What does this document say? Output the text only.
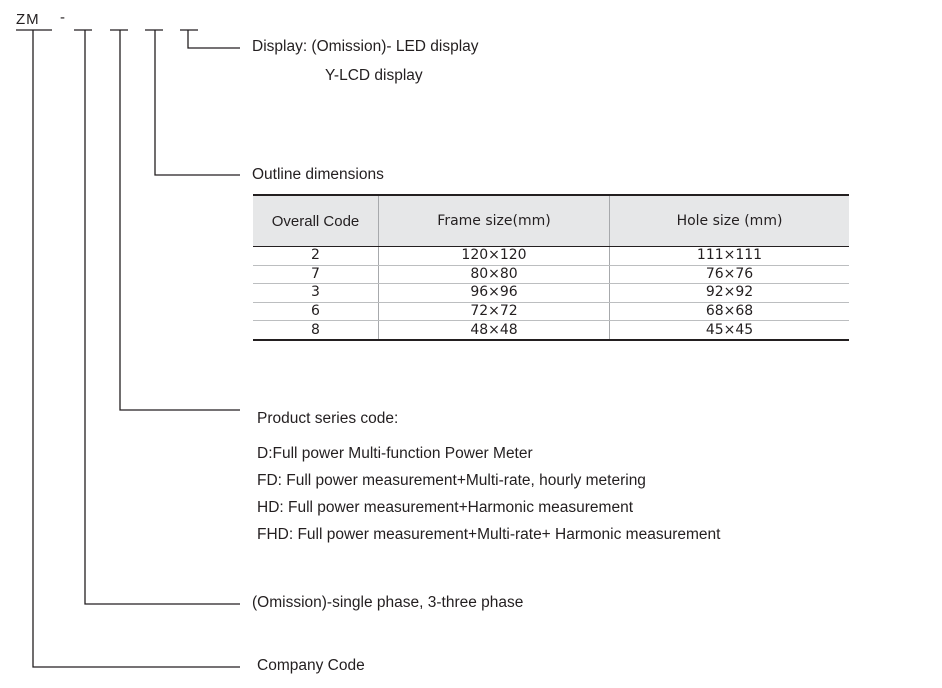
ZM -
Display: (Omission)- LED display
Y-LCD display
Outline dimensions
Overall Code	Frame size(mm)	Hole size (mm)
2	120×120	111×111
7	80×80	76×76
3	96×96	92×92
6	72×72	68×68
8	48×48	45×45
Product series code:
D:Full power Multi-function Power Meter
FD: Full power measurement+Multi-rate, hourly metering
HD: Full power measurement+Harmonic measurement
FHD: Full power measurement+Multi-rate+ Harmonic measurement
(Omission)-single phase, 3-three phase
Company Code
